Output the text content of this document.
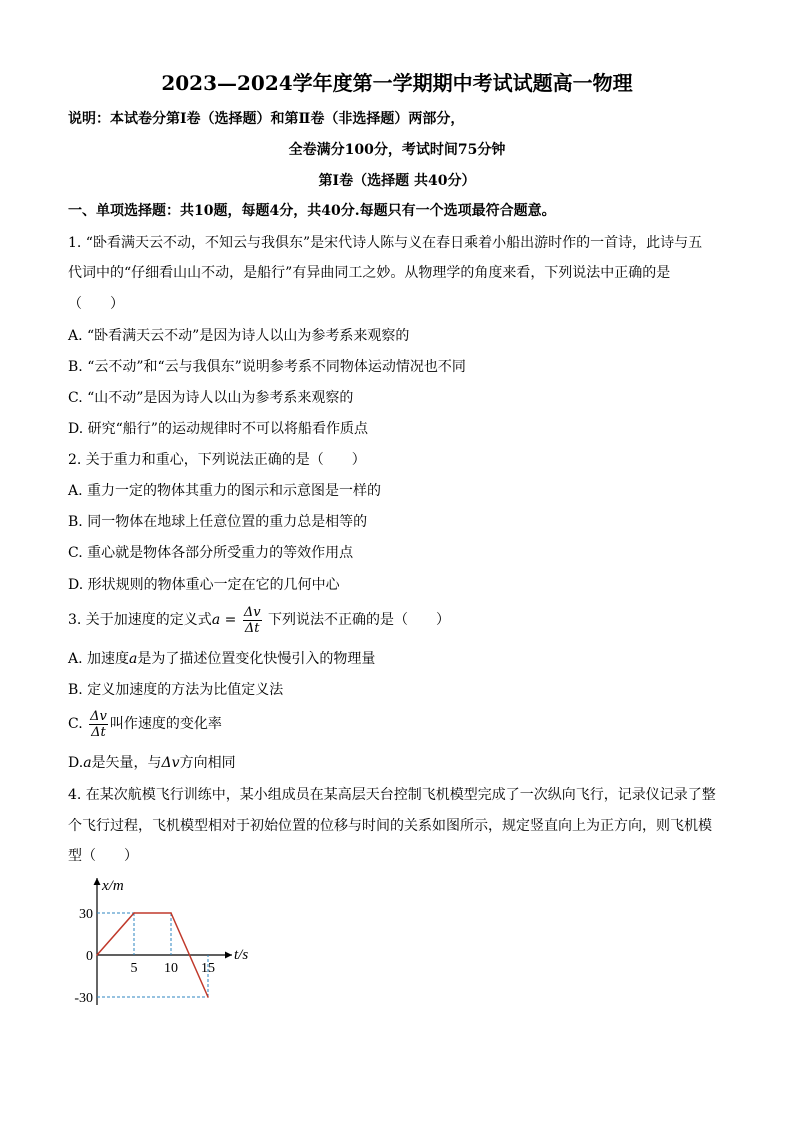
2023—2024学年度第一学期期中考试试题高一物理
说明：本试卷分第Ⅰ卷（选择题）和第Ⅱ卷（非选择题）两部分，
全卷满分100分，考试时间75分钟
第Ⅰ卷（选择题 共40分）
一、单项选择题：共10题，每题4分，共40分.每题只有一个选项最符合题意。
1. “卧看满天云不动，不知云与我俱东”是宋代诗人陈与义在春日乘着小船出游时作的一首诗，此诗与五
代词中的“仔细看山山不动，是船行”有异曲同工之妙。从物理学的角度来看，下列说法中正确的是
（　　）
A. “卧看满天云不动”是因为诗人以山为参考系来观察的
B. “云不动”和“云与我俱东”说明参考系不同物体运动情况也不同
C. “山不动”是因为诗人以山为参考系来观察的
D. 研究“船行”的运动规律时不可以将船看作质点
2. 关于重力和重心，下列说法正确的是（　　）
A. 重力一定的物体其重力的图示和示意图是一样的
B. 同一物体在地球上任意位置的重力总是相等的
C. 重心就是物体各部分所受重力的等效作用点
D. 形状规则的物体重心一定在它的几何中心
3. 关于加速度的定义式$a = \frac{\Delta v}{\Delta t}$ 下列说法不正确的是（　　）
A. 加速度a是为了描述位置变化快慢引入的物理量
B. 定义加速度的方法为比值定义法
C. $\frac{\Delta v}{\Delta t}$ 叫作速度的变化率
D.a是矢量，与Δv方向相同
4. 在某次航模飞行训练中，某小组成员在某高层天台控制飞机模型完成了一次纵向飞行，记录仪记录了整
个飞行过程，飞机模型相对于初始位置的位移与时间的关系如图所示，规定竖直向上为正方向，则飞机模
型（　　）
5 10 15
30
0
-30
x/m
t/s
